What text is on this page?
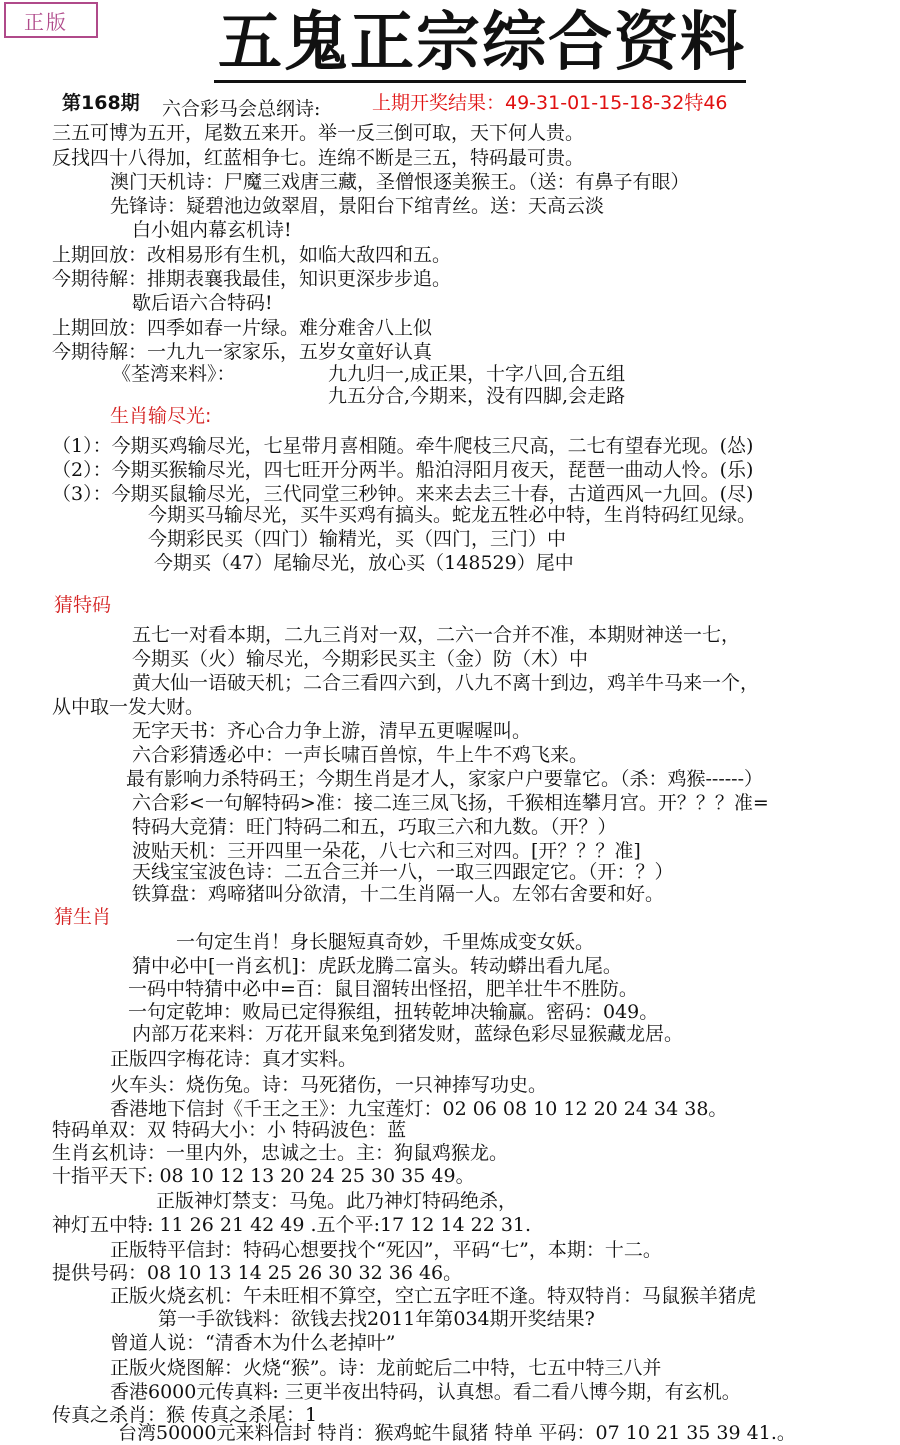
正版	五鬼正宗综合资料
第168期	上期开奖结果：49-31-01-15-18-32特46
六合彩马会总纲诗:
三五可博为五开，尾数五来开。举一反三倒可取，天下何人贵。
反找四十八得加，红蓝相争七。连绵不断是三五，特码最可贵。
澳门天机诗：尸魔三戏唐三藏，圣僧恨逐美猴王。（送：有鼻子有眼）
先锋诗：疑碧池边敛翠眉，景阳台下绾青丝。送：天高云淡
白小姐内幕玄机诗!
上期回放：改相易形有生机，如临大敌四和五。
今期待解：排期表襄我最佳，知识更深步步追。
歇后语六合特码!
上期回放：四季如春一片绿。难分难舍八上似
今期待解：一九九一家家乐，五岁女童好认真
《荃湾来料》：	九九归一,成正果，十字八回,合五组
九五分合,今期来，没有四脚,会走路
生肖输尽光:
（1）：今期买鸡输尽光，七星带月喜相随。牵牛爬枝三尺高，二七有望春光现。(怂)
（2）：今期买猴输尽光，四七旺开分两半。船泊浔阳月夜天，琵琶一曲动人怜。(乐)
（3）：今期买鼠输尽光，三代同堂三秒钟。来来去去三十春，古道西风一九回。(尽)
今期买马输尽光，买牛买鸡有搞头。蛇龙五牲必中特，生肖特码红见绿。
今期彩民买（四门）输精光，买（四门，三门）中
今期买（47）尾输尽光，放心买（148529）尾中
猜特码
五七一对看本期，二九三肖对一双，二六一合并不准，本期财神送一七，
今期买（火）输尽光，今期彩民买主（金）防（木）中
黄大仙一语破天机；二合三看四六到，八九不离十到边，鸡羊牛马来一个，
从中取一发大财。
无字天书：齐心合力争上游，清早五更喔喔叫。
六合彩猜透必中：一声长啸百兽惊，牛上牛不鸡飞来。
最有影响力杀特码王；今期生肖是才人，家家户户要靠它。（杀：鸡猴------）
六合彩<一句解特码>准：接二连三凤飞扬，千猴相连攀月宫。开？？？准=
特码大竞猜：旺门特码二和五，巧取三六和九数。（开？）
波贴天机：三开四里一朵花，八七六和三对四。[开？？？准]
天线宝宝波色诗：二五合三并一八，一取三四跟定它。（开：？）
铁算盘：鸡啼猪叫分欲清，十二生肖隔一人。左邻右舍要和好。
猜生肖
一句定生肖！身长腿短真奇妙，千里炼成变女妖。
猜中必中[一肖玄机]：虎跃龙腾二富头。转动蟒出看九尾。
一码中特猜中必中=百：鼠目溜转出怪招，肥羊壮牛不胜防。
一句定乾坤：败局已定得猴组，扭转乾坤决输赢。密码：049。
内部万花来料：万花开鼠来兔到猪发财，蓝绿色彩尽显猴藏龙居。
正版四字梅花诗：真才实料。
火车头：烧伤兔。诗：马死猪伤，一只神捧写功史。
香港地下信封《千王之王》：九宝莲灯：02 06 08 10 12 20 24 34 38。
特码单双：双 特码大小：小 特码波色：蓝
生肖玄机诗：一里内外，忠诚之士。主：狗鼠鸡猴龙。
十指平天下: 08 10 12 13 20 24 25 30 35 49。
正版神灯禁支：马兔。此乃神灯特码绝杀，
神灯五中特: 11 26 21 42 49 .五个平:17 12 14 22 31.
正版特平信封：特码心想要找个“死囚”，平码“七”，本期：十二。
提供号码：08 10 13 14 25 26 30 32 36 46。
正版火烧玄机：午未旺相不算空，空亡五字旺不逢。特双特肖：马鼠猴羊猪虎
第一手欲钱料：欲钱去找2011年第034期开奖结果?
曾道人说：“清香木为什么老掉叶”
正版火烧图解：火烧“猴”。诗：龙前蛇后二中特，七五中特三八并
香港6000元传真料: 三更半夜出特码，认真想。看二看八博今期，有玄机。
传真之杀肖：猴 传真之杀尾：1
台湾50000元来料信封 特肖：猴鸡蛇牛鼠猪 特单 平码：07 10 21 35 39 41.。
